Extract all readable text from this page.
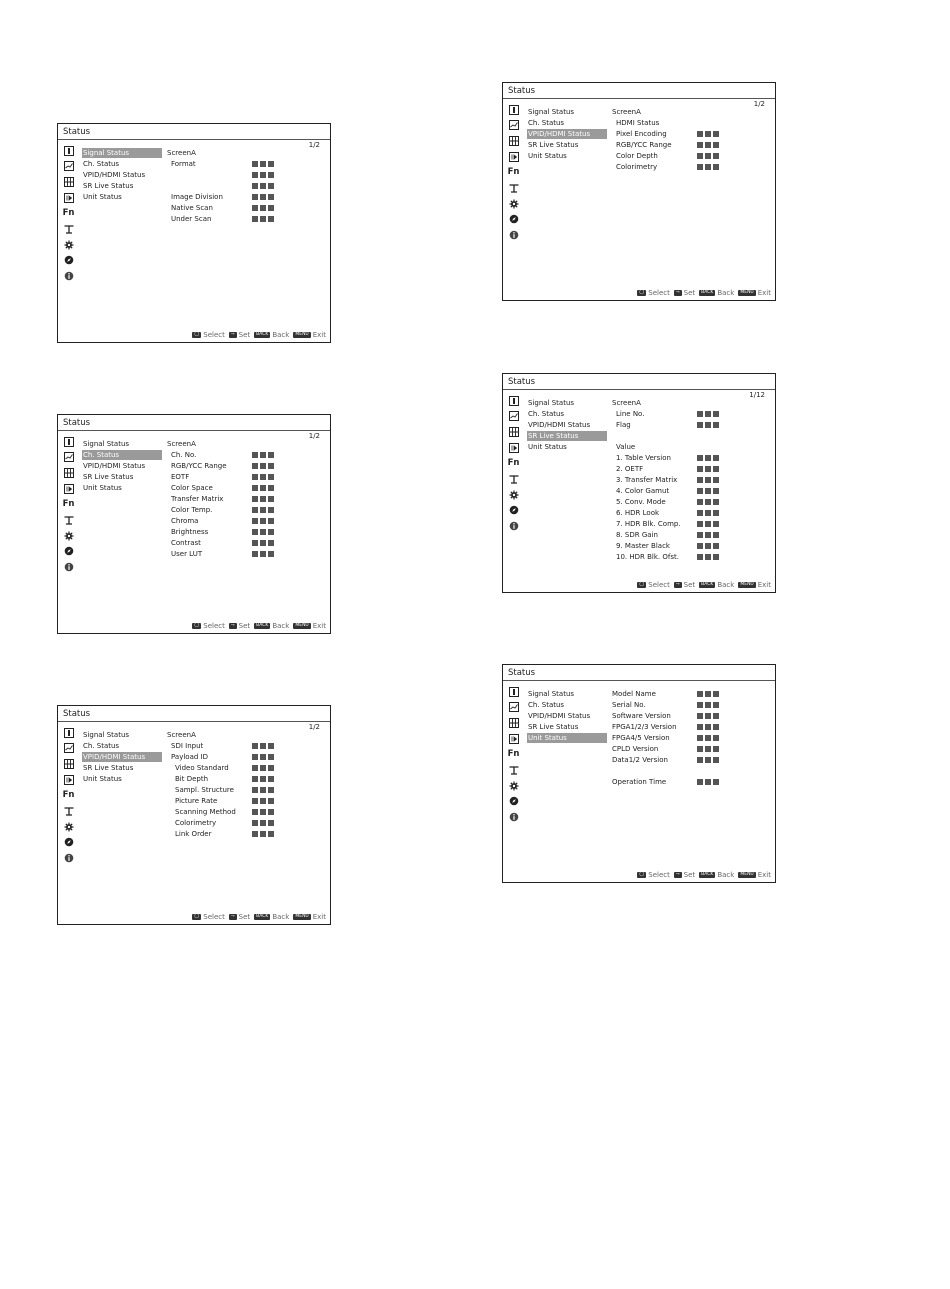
Status
1/2
Fn
Signal Status
Ch. Status
VPID/HDMI Status
SR Live Status
Unit Status
ScreenA
Format
Image Division
Native Scan
Under Scan
◯ Select	⊸ Set	BACK Back	MENU Exit
Status
1/2
Fn
Signal Status
Ch. Status
VPID/HDMI Status
SR Live Status
Unit Status
ScreenA
Ch. No.
RGB/YCC Range
EOTF
Color Space
Transfer Matrix
Color Temp.
Chroma
Brightness
Contrast
User LUT
◯ Select	⊸ Set	BACK Back	MENU Exit
Status
1/2
Fn
Signal Status
Ch. Status
VPID/HDMI Status
SR Live Status
Unit Status
ScreenA
SDI Input
Payload ID
Video Standard
Bit Depth
Sampl. Structure
Picture Rate
Scanning Method
Colorimetry
Link Order
◯ Select	⊸ Set	BACK Back	MENU Exit
Status
1/2
Fn
Signal Status
Ch. Status
VPID/HDMI Status
SR Live Status
Unit Status
ScreenA
HDMI Status
Pixel Encoding
RGB/YCC Range
Color Depth
Colorimetry
◯ Select	⊸ Set	BACK Back	MENU Exit
Status
1/12
Fn
Signal Status
Ch. Status
VPID/HDMI Status
SR Live Status
Unit Status
ScreenA
Line No.
Flag
Value
1. Table Version
2. OETF
3. Transfer Matrix
4. Color Gamut
5. Conv. Mode
6. HDR Look
7. HDR Blk. Comp.
8. SDR Gain
9. Master Black
10. HDR Blk. Ofst.
◯ Select	⊸ Set	BACK Back	MENU Exit
Status
Fn
Signal Status
Ch. Status
VPID/HDMI Status
SR Live Status
Unit Status
Model Name
Serial No.
Software Version
FPGA1/2/3 Version
FPGA4/5 Version
CPLD Version
Data1/2 Version
Operation Time
◯ Select	⊸ Set	BACK Back	MENU Exit
